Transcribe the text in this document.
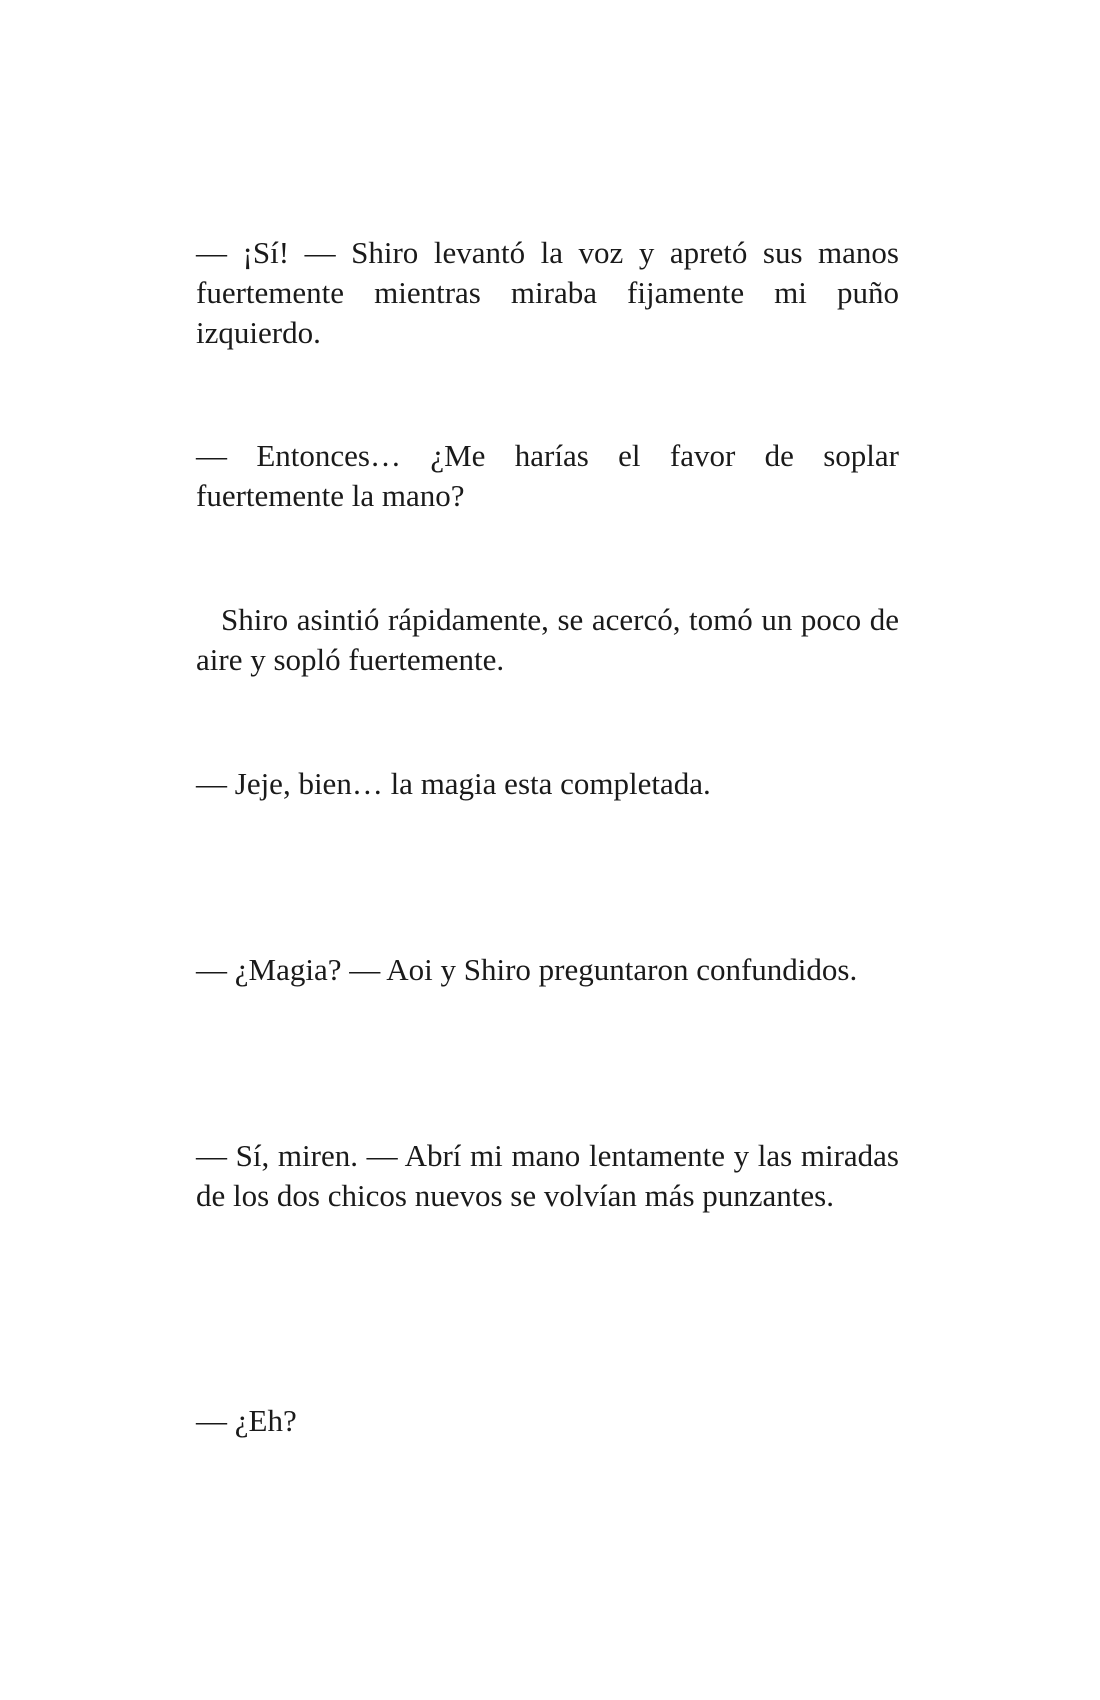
— ¡Sí! — Shiro levantó la voz y apretó sus manos fuertemente mientras miraba fijamente mi puño izquierdo.

— Entonces… ¿Me harías el favor de soplar fuertemente la mano?

Shiro asintió rápidamente, se acercó, tomó un poco de aire y sopló fuertemente.

— Jeje, bien… la magia esta completada.

— ¿Magia? — Aoi y Shiro preguntaron confundidos.

— Sí, miren. — Abrí mi mano lentamente y las miradas de los dos chicos nuevos se volvían más punzantes.

— ¿Eh?
